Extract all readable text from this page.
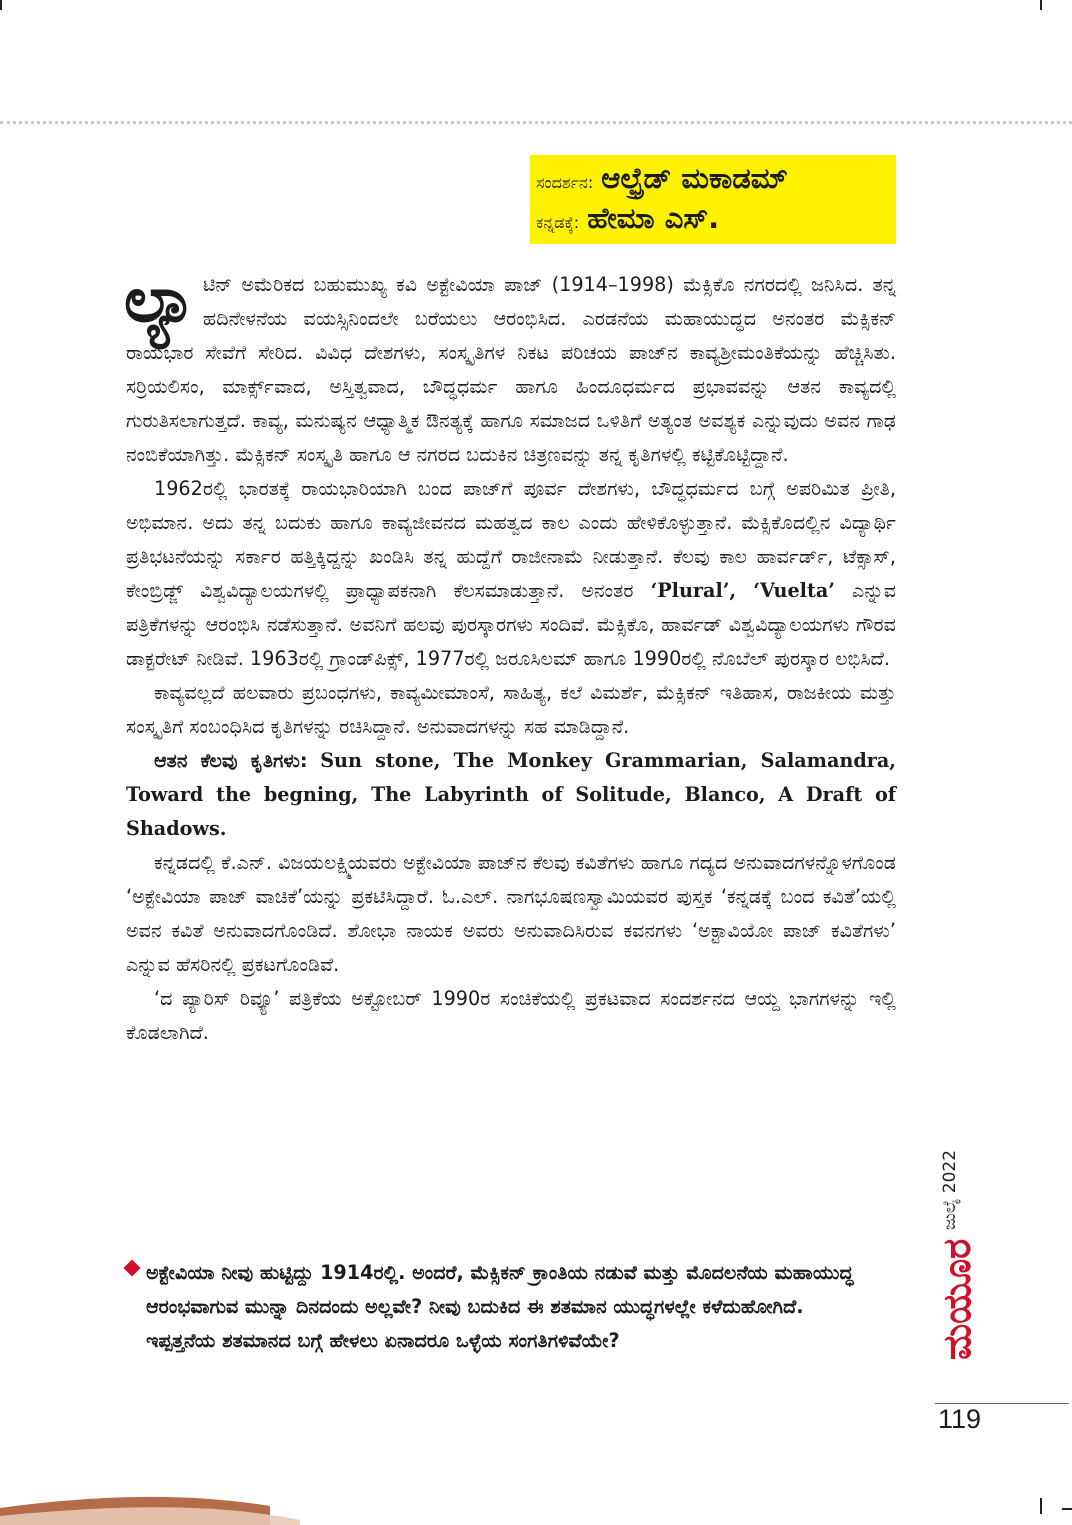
ಸಂದರ್ಶನ: ಆಲ್ಫ್ರೆಡ್ ಮಕಾಡಮ್
ಕನ್ನಡಕ್ಕೆ: ಹೇಮಾ ಎಸ್.

ಲ್ಯಾ ಟಿನ್ ಅಮೆರಿಕದ ಬಹುಮುಖ್ಯ ಕವಿ ಅಕ್ಟೇವಿಯಾ ಪಾಜ್ (1914–1998) ಮೆಕ್ಸಿಕೊ ನಗರದಲ್ಲಿ ಜನಿಸಿದ. ತನ್ನ ಹದಿನೇಳನೆಯ ವಯಸ್ಸಿನಿಂದಲೇ ಬರೆಯಲು ಆರಂಭಿಸಿದ. ಎರಡನೆಯ ಮಹಾಯುದ್ಧದ ಅನಂತರ ಮೆಕ್ಸಿಕನ್ ರಾಯಭಾರ ಸೇವೆಗೆ ಸೇರಿದ. ವಿವಿಧ ದೇಶಗಳು, ಸಂಸ್ಕೃತಿಗಳ ನಿಕಟ ಪರಿಚಯ ಪಾಜ್‌ನ ಕಾವ್ಯಶ್ರೀಮಂತಿಕೆಯನ್ನು ಹೆಚ್ಚಿಸಿತು. ಸರ್ರಿಯಲಿಸಂ, ಮಾರ್ಕ್ಸ್‌ವಾದ, ಅಸ್ತಿತ್ವವಾದ, ಬೌದ್ಧಧರ್ಮ ಹಾಗೂ ಹಿಂದೂಧರ್ಮದ ಪ್ರಭಾವವನ್ನು ಆತನ ಕಾವ್ಯದಲ್ಲಿ ಗುರುತಿಸಲಾಗುತ್ತದೆ. ಕಾವ್ಯ, ಮನುಷ್ಯನ ಆಧ್ಯಾತ್ಮಿಕ ಔನತ್ಯಕ್ಕೆ ಹಾಗೂ ಸಮಾಜದ ಒಳಿತಿಗೆ ಅತ್ಯಂತ ಅವಶ್ಯಕ ಎನ್ನುವುದು ಅವನ ಗಾಢ ನಂಬಿಕೆಯಾಗಿತ್ತು. ಮೆಕ್ಸಿಕನ್ ಸಂಸ್ಕೃತಿ ಹಾಗೂ ಆ ನಗರದ ಬದುಕಿನ ಚಿತ್ರಣವನ್ನು ತನ್ನ ಕೃತಿಗಳಲ್ಲಿ ಕಟ್ಟಿಕೊಟ್ಟಿದ್ದಾನೆ.

1962ರಲ್ಲಿ ಭಾರತಕ್ಕೆ ರಾಯಭಾರಿಯಾಗಿ ಬಂದ ಪಾಜ್‌ಗೆ ಪೂರ್ವ ದೇಶಗಳು, ಬೌದ್ಧಧರ್ಮದ ಬಗ್ಗೆ ಅಪರಿಮಿತ ಪ್ರೀತಿ, ಅಭಿಮಾನ. ಅದು ತನ್ನ ಬದುಕು ಹಾಗೂ ಕಾವ್ಯಜೀವನದ ಮಹತ್ವದ ಕಾಲ ಎಂದು ಹೇಳಿಕೊಳ್ಳುತ್ತಾನೆ. ಮೆಕ್ಸಿಕೊದಲ್ಲಿನ ವಿದ್ಯಾರ್ಥಿ ಪ್ರತಿಭಟನೆಯನ್ನು ಸರ್ಕಾರ ಹತ್ತಿಕ್ಕಿದ್ದನ್ನು ಖಂಡಿಸಿ ತನ್ನ ಹುದ್ದೆಗೆ ರಾಜೀನಾಮೆ ನೀಡುತ್ತಾನೆ. ಕೆಲವು ಕಾಲ ಹಾರ್ವರ್ಡ್, ಟೆಕ್ಸಾಸ್, ಕೇಂಬ್ರಿಡ್ಜ್ ವಿಶ್ವವಿದ್ಯಾಲಯಗಳಲ್ಲಿ ಪ್ರಾಧ್ಯಾಪಕನಾಗಿ ಕೆಲಸಮಾಡುತ್ತಾನೆ. ಅನಂತರ ‘Plural’, ‘Vuelta’ ಎನ್ನುವ ಪತ್ರಿಕೆಗಳನ್ನು ಆರಂಭಿಸಿ ನಡೆಸುತ್ತಾನೆ. ಅವನಿಗೆ ಹಲವು ಪುರಸ್ಕಾರಗಳು ಸಂದಿವೆ. ಮೆಕ್ಸಿಕೊ, ಹಾರ್ವಡ್ ವಿಶ್ವವಿದ್ಯಾಲಯಗಳು ಗೌರವ ಡಾಕ್ಟರೇಟ್ ನೀಡಿವೆ. 1963ರಲ್ಲಿ ಗ್ರಾಂಡ್‌ಪಿಕ್ಸ್, 1977ರಲ್ಲಿ ಜರೂಸಿಲಮ್ ಹಾಗೂ 1990ರಲ್ಲಿ ನೊಬೆಲ್ ಪುರಸ್ಕಾರ ಲಭಿಸಿದೆ.

ಕಾವ್ಯವಲ್ಲದೆ ಹಲವಾರು ಪ್ರಬಂಧಗಳು, ಕಾವ್ಯಮೀಮಾಂಸೆ, ಸಾಹಿತ್ಯ, ಕಲೆ ವಿಮರ್ಶೆ, ಮೆಕ್ಸಿಕನ್ ಇತಿಹಾಸ, ರಾಜಕೀಯ ಮತ್ತು ಸಂಸ್ಕೃತಿಗೆ ಸಂಬಂಧಿಸಿದ ಕೃತಿಗಳನ್ನು ರಚಿಸಿದ್ದಾನೆ. ಅನುವಾದಗಳನ್ನು ಸಹ ಮಾಡಿದ್ದಾನೆ.

ಆತನ ಕೆಲವು ಕೃತಿಗಳು: Sun stone, The Monkey Grammarian, Salamandra, Toward the begning, The Labyrinth of Solitude, Blanco, A Draft of Shadows.

ಕನ್ನಡದಲ್ಲಿ ಕೆ.ಎನ್. ವಿಜಯಲಕ್ಷ್ಮಿಯವರು ಅಕ್ಟೇವಿಯಾ ಪಾಜ್‌ನ ಕೆಲವು ಕವಿತೆಗಳು ಹಾಗೂ ಗದ್ಯದ ಅನುವಾದಗಳನ್ನೊಳಗೊಂಡ ‘ಅಕ್ಟೇವಿಯಾ ಪಾಜ್ ವಾಚಿಕೆ’ಯನ್ನು ಪ್ರಕಟಿಸಿದ್ದಾರೆ. ಓ.ಎಲ್. ನಾಗಭೂಷಣಸ್ವಾಮಿಯವರ ಪುಸ್ತಕ ‘ಕನ್ನಡಕ್ಕೆ ಬಂದ ಕವಿತೆ’ಯಲ್ಲಿ ಅವನ ಕವಿತೆ ಅನುವಾದಗೊಂಡಿದೆ. ಶೋಭಾ ನಾಯಕ ಅವರು ಅನುವಾದಿಸಿರುವ ಕವನಗಳು ‘ಅಕ್ಟಾವಿಯೋ ಪಾಜ್ ಕವಿತೆಗಳು’ ಎನ್ನುವ ಹೆಸರಿನಲ್ಲಿ ಪ್ರಕಟಗೊಂಡಿವೆ.

‘ದ ಪ್ಯಾರಿಸ್ ರಿವ್ಯೂ’ ಪತ್ರಿಕೆಯ ಅಕ್ಟೋಬರ್ 1990ರ ಸಂಚಿಕೆಯಲ್ಲಿ ಪ್ರಕಟವಾದ ಸಂದರ್ಶನದ ಆಯ್ದ ಭಾಗಗಳನ್ನು ಇಲ್ಲಿ ಕೊಡಲಾಗಿದೆ.

ಅಕ್ಟೇವಿಯಾ ನೀವು ಹುಟ್ಟಿದ್ದು 1914ರಲ್ಲಿ. ಅಂದರೆ, ಮೆಕ್ಸಿಕನ್ ಕ್ರಾಂತಿಯ ನಡುವೆ ಮತ್ತು ಮೊದಲನೆಯ ಮಹಾಯುದ್ಧ ಆರಂಭವಾಗುವ ಮುನ್ನಾ ದಿನದಂದು ಅಲ್ಲವೇ? ನೀವು ಬದುಕಿದ ಈ ಶತಮಾನ ಯುದ್ಧಗಳಲ್ಲೇ ಕಳೆದುಹೋಗಿದೆ. ಇಪ್ಪತ್ತನೆಯ ಶತಮಾನದ ಬಗ್ಗೆ ಹೇಳಲು ಏನಾದರೂ ಒಳ್ಳೆಯ ಸಂಗತಿಗಳಿವೆಯೇ?

ಜುಲೈ 2022
ಮಯೂರ
119
